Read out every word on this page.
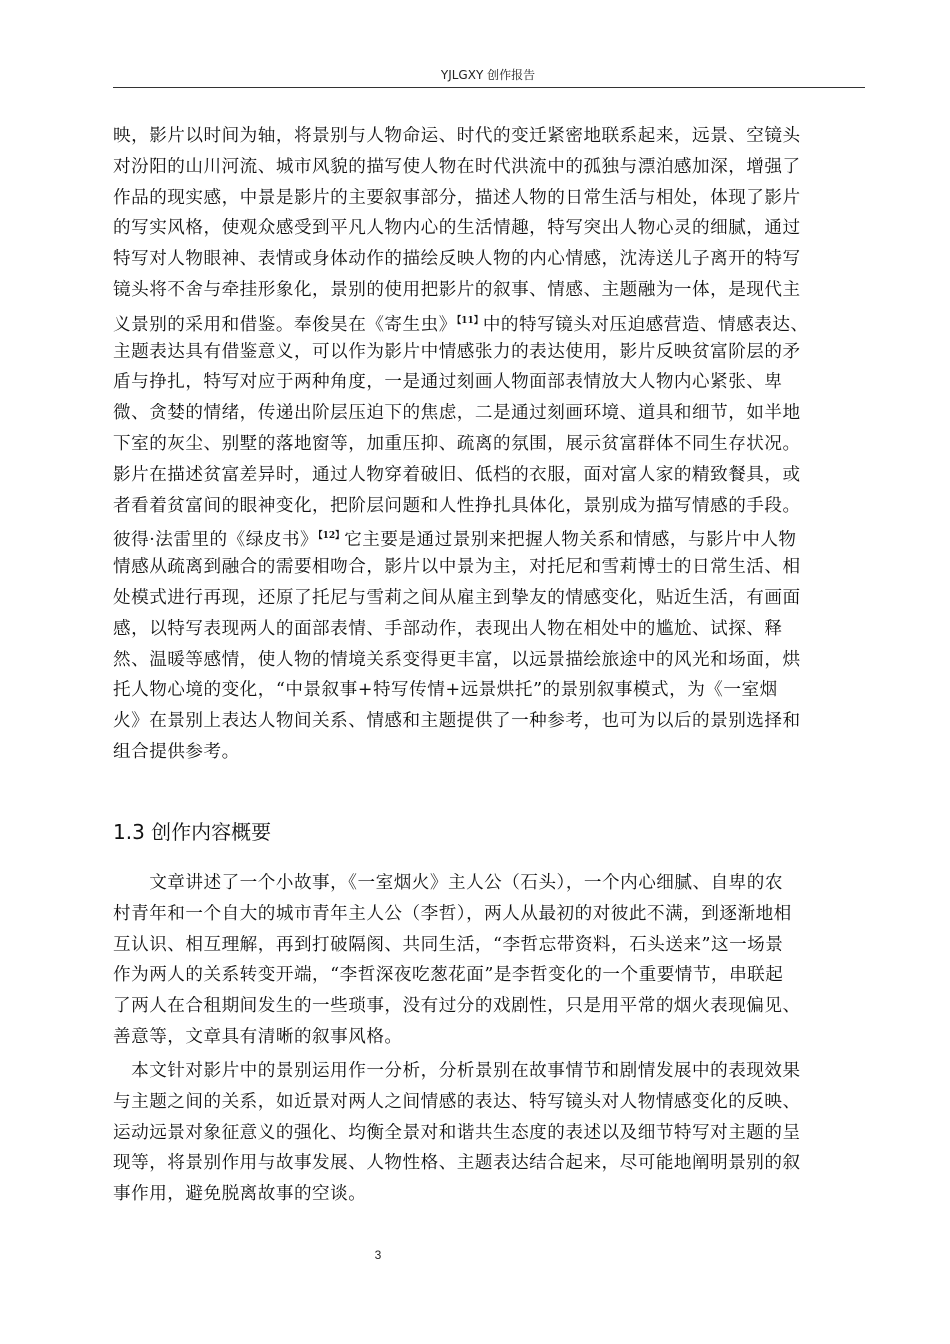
YJLGXY 创作报告

映，影片以时间为轴，将景别与人物命运、时代的变迁紧密地联系起来，远景、空镜头
对汾阳的山川河流、城市风貌的描写使人物在时代洪流中的孤独与漂泊感加深，增强了
作品的现实感，中景是影片的主要叙事部分，描述人物的日常生活与相处，体现了影片
的写实风格，使观众感受到平凡人物内心的生活情趣，特写突出人物心灵的细腻，通过
特写对人物眼神、表情或身体动作的描绘反映人物的内心情感，沈涛送儿子离开的特写
镜头将不舍与牵挂形象化，景别的使用把影片的叙事、情感、主题融为一体，是现代主
义景别的采用和借鉴。奉俊昊在《寄生虫》$^{【11】}$中的特写镜头对压迫感营造、情感表达、
主题表达具有借鉴意义，可以作为影片中情感张力的表达使用，影片反映贫富阶层的矛
盾与挣扎，特写对应于两种角度，一是通过刻画人物面部表情放大人物内心紧张、卑
微、贪婪的情绪，传递出阶层压迫下的焦虑，二是通过刻画环境、道具和细节，如半地
下室的灰尘、别墅的落地窗等，加重压抑、疏离的氛围，展示贫富群体不同生存状况。
影片在描述贫富差异时，通过人物穿着破旧、低档的衣服，面对富人家的精致餐具，或
者看着贫富间的眼神变化，把阶层问题和人性挣扎具体化，景别成为描写情感的手段。
彼得·法雷里的《绿皮书》$^{【12】}$它主要是通过景别来把握人物关系和情感，与影片中人物
情感从疏离到融合的需要相吻合，影片以中景为主，对托尼和雪莉博士的日常生活、相
处模式进行再现，还原了托尼与雪莉之间从雇主到挚友的情感变化，贴近生活，有画面
感，以特写表现两人的面部表情、手部动作，表现出人物在相处中的尴尬、试探、释
然、温暖等感情，使人物的情境关系变得更丰富，以远景描绘旅途中的风光和场面，烘
托人物心境的变化，“中景叙事+特写传情+远景烘托”的景别叙事模式，为《一室烟
火》在景别上表达人物间关系、情感和主题提供了一种参考，也可为以后的景别选择和
组合提供参考。

1.3 创作内容概要

　　文章讲述了一个小故事，《一室烟火》主人公（石头），一个内心细腻、自卑的农
村青年和一个自大的城市青年主人公（李哲），两人从最初的对彼此不满，到逐渐地相
互认识、相互理解，再到打破隔阂、共同生活，“李哲忘带资料，石头送来”这一场景
作为两人的关系转变开端，“李哲深夜吃葱花面”是李哲变化的一个重要情节，串联起
了两人在合租期间发生的一些琐事，没有过分的戏剧性，只是用平常的烟火表现偏见、
善意等，文章具有清晰的叙事风格。

　本文针对影片中的景别运用作一分析，分析景别在故事情节和剧情发展中的表现效果
与主题之间的关系，如近景对两人之间情感的表达、特写镜头对人物情感变化的反映、
运动远景对象征意义的强化、均衡全景对和谐共生态度的表述以及细节特写对主题的呈
现等，将景别作用与故事发展、人物性格、主题表达结合起来，尽可能地阐明景别的叙
事作用，避免脱离故事的空谈。

3
